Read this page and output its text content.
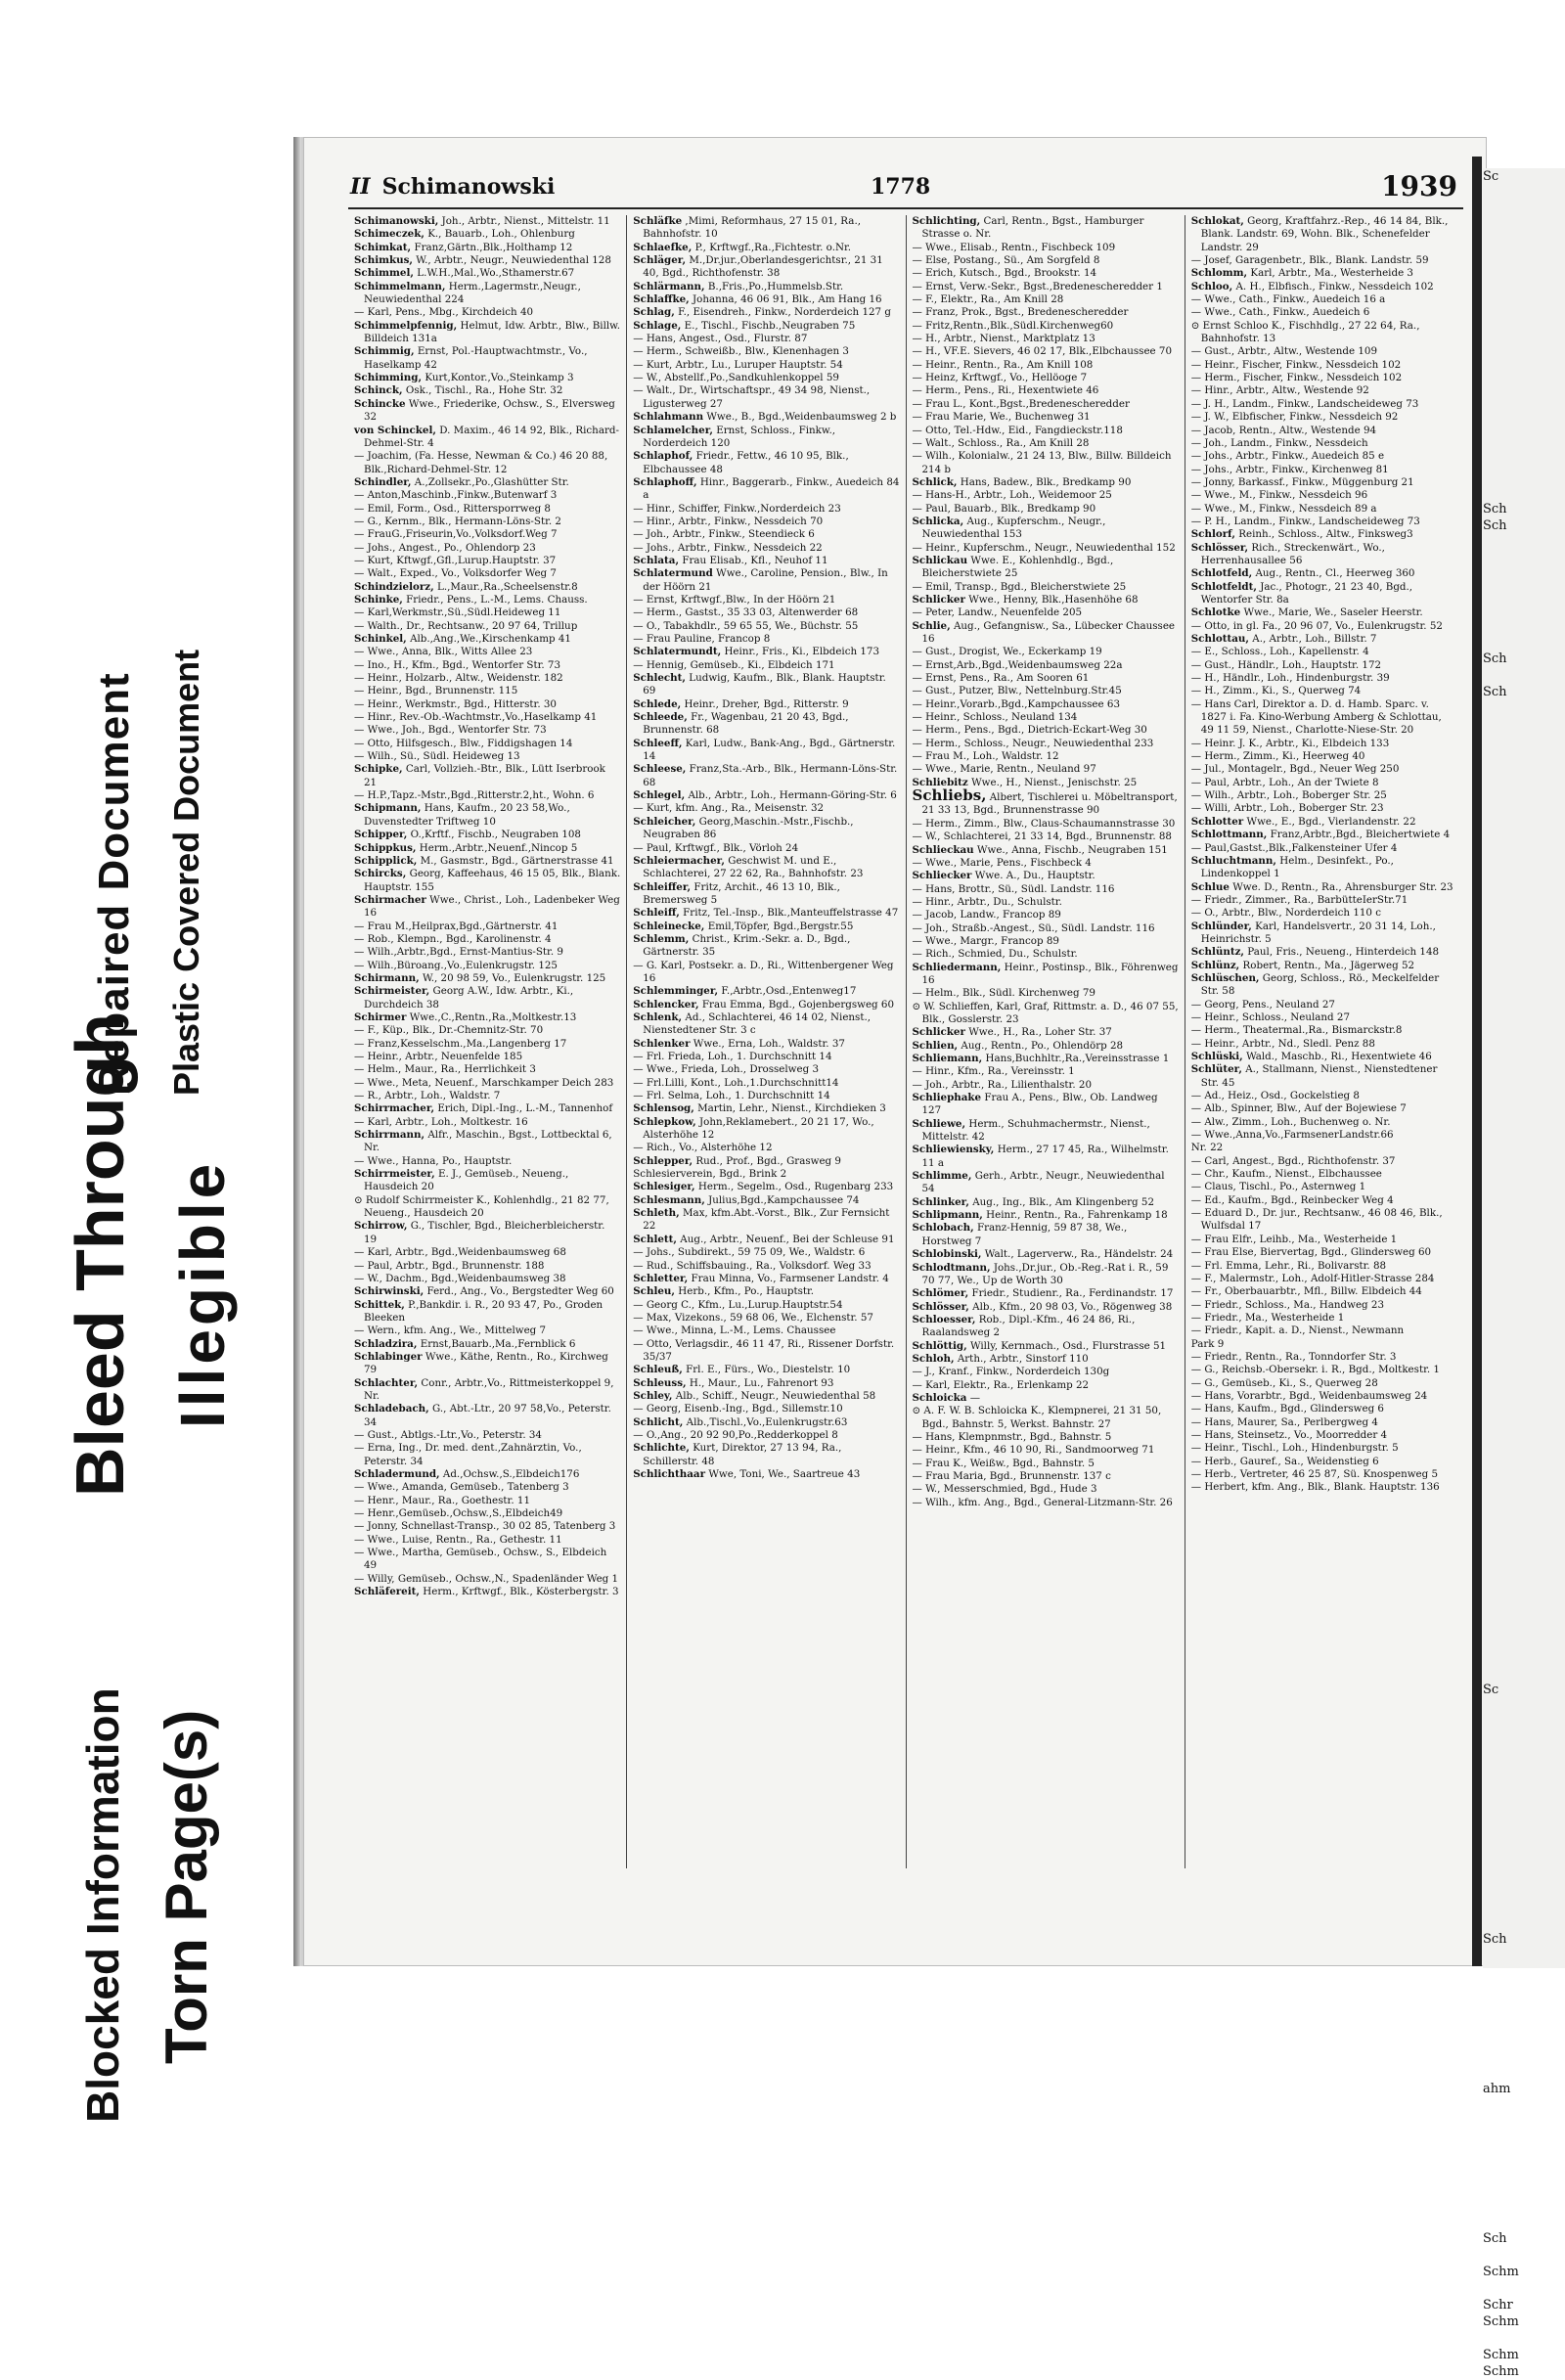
Repaired Document Plastic Covered Document
Bleed Through Illegible
Blocked Information Torn Page(s)
Sc

Sch
Sch

Sch

Sch

Sc

Sch

ahm

Sch

Schm

Schr
Schm

Schm
Schm
II Schimanowski	1778	1939
Schimanowski, Joh., Arbtr., Nienst., Mittelstr. 11
Schimeczek, K., Bauarb., Loh., Ohlenburg
Schimkat, Franz,Gärtn.,Blk.,Holthamp 12
Schimkus, W., Arbtr., Neugr., Neuwiedenthal 128
Schimmel, L.W.H.,Mal.,Wo.,Sthamerstr.67
Schimmelmann, Herm.,Lagermstr.,Neugr., Neuwiedenthal 224
— Karl, Pens., Mbg., Kirchdeich 40
Schimmelpfennig, Helmut, Idw. Arbtr., Blw., Billw. Billdeich 131a
Schimmig, Ernst, Pol.-Hauptwachtmstr., Vo., Haselkamp 42
Schimming, Kurt,Kontor.,Vo.,Steinkamp 3
Schinck, Osk., Tischl., Ra., Hohe Str. 32
Schincke Wwe., Friederike, Ochsw., S., Elversweg 32
von Schinckel, D. Maxim., 46 14 92, Blk., Richard-Dehmel-Str. 4
— Joachim, (Fa. Hesse, Newman & Co.) 46 20 88, Blk.,Richard-Dehmel-Str. 12
Schindler, A.,Zollsekr.,Po.,Glashütter Str.
— Anton,Maschinb.,Finkw.,Butenwarf 3
— Emil, Form., Osd., Rittersporrweg 8
— G., Kernm., Blk., Hermann-Löns-Str. 2
— FrauG.,Friseurin,Vo.,Volksdorf.Weg 7
— Johs., Angest., Po., Ohlendorp 23
— Kurt, Kftwgf.,Gfl.,Lurup.Hauptstr. 37
— Walt., Exped., Vo., Volksdorfer Weg 7
Schindzielorz, L.,Maur.,Ra.,Scheelsenstr.8
Schinke, Friedr., Pens., L.-M., Lems. Chauss.
— Karl,Werkmstr.,Sü.,Südl.Heideweg 11
— Walth., Dr., Rechtsanw., 20 97 64, Trillup
Schinkel, Alb.,Ang.,We.,Kirschenkamp 41
— Wwe., Anna, Blk., Witts Allee 23
— Ino., H., Kfm., Bgd., Wentorfer Str. 73
— Heinr., Holzarb., Altw., Weidenstr. 182
— Heinr., Bgd., Brunnenstr. 115
— Heinr., Werkmstr., Bgd., Hitterstr. 30
— Hinr., Rev.-Ob.-Wachtmstr.,Vo.,Haselkamp 41
— Wwe., Joh., Bgd., Wentorfer Str. 73
— Otto, Hilfsgesch., Blw., Fiddigshagen 14
— Wilh., Sü., Südl. Heideweg 13
Schipke, Carl, Vollzieh.-Btr., Blk., Lütt Iserbrook 21
— H.P.,Tapz.-Mstr.,Bgd.,Ritterstr.2,ht., Wohn. 6
Schipmann, Hans, Kaufm., 20 23 58,Wo., Duvenstedter Triftweg 10
Schipper, O.,Krftf., Fischb., Neugraben 108
Schippkus, Herm.,Arbtr.,Neuenf.,Nincop 5
Schipplick, M., Gasmstr., Bgd., Gärtnerstrasse 41
Schircks, Georg, Kaffeehaus, 46 15 05, Blk., Blank. Hauptstr. 155
Schirmacher Wwe., Christ., Loh., Ladenbeker Weg 16
— Frau M.,Heilprax,Bgd.,Gärtnerstr. 41
— Rob., Klempn., Bgd., Karolinenstr. 4
— Wilh.,Arbtr.,Bgd., Ernst-Mantius-Str. 9
— Wilh.,Büroang.,Vo.,Eulenkrugstr. 125
Schirmann, W., 20 98 59, Vo., Eulenkrugstr. 125
Schirmeister, Georg A.W., Idw. Arbtr., Ki., Durchdeich 38
Schirmer Wwe.,C.,Rentn.,Ra.,Moltkestr.13
— F., Küp., Blk., Dr.-Chemnitz-Str. 70
— Franz,Kesselschm.,Ma.,Langenberg 17
— Heinr., Arbtr., Neuenfelde 185
— Helm., Maur., Ra., Herrlichkeit 3
— Wwe., Meta, Neuenf., Marschkamper Deich 283
— R., Arbtr., Loh., Waldstr. 7
Schirrmacher, Erich, Dipl.-Ing., L.-M., Tannenhof
— Karl, Arbtr., Loh., Moltkestr. 16
Schirrmann, Alfr., Maschin., Bgst., Lottbecktal 6, Nr.
— Wwe., Hanna, Po., Hauptstr.
Schirrmeister, E. J., Gemüseb., Neueng., Hausdeich 20
⊙ Rudolf Schirrmeister K., Kohlenhdlg., 21 82 77, Neueng., Hausdeich 20
Schirrow, G., Tischler, Bgd., Bleicherbleicherstr. 19
— Karl, Arbtr., Bgd.,Weidenbaumsweg 68
— Paul, Arbtr., Bgd., Brunnenstr. 188
— W., Dachm., Bgd.,Weidenbaumsweg 38
Schirwinski, Ferd., Ang., Vo., Bergstedter Weg 60
Schittek, P.,Bankdir. i. R., 20 93 47, Po., Groden Bleeken
— Wern., kfm. Ang., We., Mittelweg 7
Schladzira, Ernst,Bauarb.,Ma.,Fernblick 6
Schlabinger Wwe., Käthe, Rentn., Ro., Kirchweg 79
Schlachter, Conr., Arbtr.,Vo., Rittmeisterkoppel 9, Nr.
Schladebach, G., Abt.-Ltr., 20 97 58,Vo., Peterstr. 34
— Gust., Abtlgs.-Ltr.,Vo., Peterstr. 34
— Erna, Ing., Dr. med. dent.,Zahnärztin, Vo., Peterstr. 34
Schladermund, Ad.,Ochsw.,S.,Elbdeich176
— Wwe., Amanda, Gemüseb., Tatenberg 3
— Henr., Maur., Ra., Goethestr. 11
— Henr.,Gemüseb.,Ochsw.,S.,Elbdeich49
— Jonny, Schnellast-Transp., 30 02 85, Tatenberg 3
— Wwe., Luise, Rentn., Ra., Gethestr. 11
— Wwe., Martha, Gemüseb., Ochsw., S., Elbdeich 49
— Willy, Gemüseb., Ochsw.,N., Spadenländer Weg 1
Schläfereit, Herm., Krftwgf., Blk., Kösterbergstr. 3
Schläfke ,Mimi, Reformhaus, 27 15 01, Ra., Bahnhofstr. 10
Schlaefke, P., Krftwgf.,Ra.,Fichtestr. o.Nr.
Schläger, M.,Dr.jur.,Oberlandesgerichtsr., 21 31 40, Bgd., Richthofenstr. 38
Schlärmann, B.,Fris.,Po.,Hummelsb.Str.
Schlaffke, Johanna, 46 06 91, Blk., Am Hang 16
Schlag, F., Eisendreh., Finkw., Norderdeich 127 g
Schlage, E., Tischl., Fischb.,Neugraben 75
— Hans, Angest., Osd., Flurstr. 87
— Herm., Schweißb., Blw., Klenenhagen 3
— Kurt, Arbtr., Lu., Luruper Hauptstr. 54
— W., Abstellf.,Po.,Sandkuhlenkoppel 59
— Walt., Dr., Wirtschaftspr., 49 34 98, Nienst., Ligusterweg 27
Schlahmann Wwe., B., Bgd.,Weidenbaumsweg 2 b
Schlamelcher, Ernst, Schloss., Finkw., Norderdeich 120
Schlaphof, Friedr., Fettw., 46 10 95, Blk., Elbchaussee 48
Schlaphoff, Hinr., Baggerarb., Finkw., Auedeich 84 a
— Hinr., Schiffer, Finkw.,Norderdeich 23
— Hinr., Arbtr., Finkw., Nessdeich 70
— Joh., Arbtr., Finkw., Steendieck 6
— Johs., Arbtr., Finkw., Nessdeich 22
Schlata, Frau Elisab., Kfl., Neuhof 11
Schlatermund Wwe., Caroline, Pension., Blw., In der Höörn 21
— Ernst, Krftwgf.,Blw., In der Höörn 21
— Herm., Gastst., 35 33 03, Altenwerder 68
— O., Tabakhdlr., 59 65 55, We., Büchstr. 55
— Frau Pauline, Francop 8
Schlatermundt, Heinr., Fris., Ki., Elbdeich 173
— Hennig, Gemüseb., Ki., Elbdeich 171
Schlecht, Ludwig, Kaufm., Blk., Blank. Hauptstr. 69
Schlede, Heinr., Dreher, Bgd., Ritterstr. 9
Schleede, Fr., Wagenbau, 21 20 43, Bgd., Brunnenstr. 68
Schleeff, Karl, Ludw., Bank-Ang., Bgd., Gärtnerstr. 14
Schleese, Franz,Sta.-Arb., Blk., Hermann-Löns-Str. 68
Schlegel, Alb., Arbtr., Loh., Hermann-Göring-Str. 6
— Kurt, kfm. Ang., Ra., Meisenstr. 32
Schleicher, Georg,Maschin.-Mstr.,Fischb., Neugraben 86
— Paul, Krftwgf., Blk., Vörloh 24
Schleiermacher, Geschwist M. und E., Schlachterei, 27 22 62, Ra., Bahnhofstr. 23
Schleiffer, Fritz, Archit., 46 13 10, Blk., Bremersweg 5
Schleiff, Fritz, Tel.-Insp., Blk.,Manteuffelstrasse 47
Schleinecke, Emil,Töpfer, Bgd.,Bergstr.55
Schlemm, Christ., Krim.-Sekr. a. D., Bgd., Gärtnerstr. 35
— G. Karl, Postsekr. a. D., Ri., Wittenbergener Weg 16
Schlemminger, F.,Arbtr.,Osd.,Entenweg17
Schlencker, Frau Emma, Bgd., Gojenbergsweg 60
Schlenk, Ad., Schlachterei, 46 14 02, Nienst., Nienstedtener Str. 3 c
Schlenker Wwe., Erna, Loh., Waldstr. 37
— Frl. Frieda, Loh., 1. Durchschnitt 14
— Wwe., Frieda, Loh., Drosselweg 3
— Frl.Lilli, Kont., Loh.,1.Durchschnitt14
— Frl. Selma, Loh., 1. Durchschnitt 14
Schlensog, Martin, Lehr., Nienst., Kirchdieken 3
Schlepkow, John,Reklamebert., 20 21 17, Wo., Alsterhöhe 12
— Rich., Vo., Alsterhöhe 12
Schlepper, Rud., Prof., Bgd., Grasweg 9
Schlesierverein, Bgd., Brink 2
Schlesiger, Herm., Segelm., Osd., Rugenbarg 233
Schlesmann, Julius,Bgd.,Kampchaussee 74
Schleth, Max, kfm.Abt.-Vorst., Blk., Zur Fernsicht 22
Schlett, Aug., Arbtr., Neuenf., Bei der Schleuse 91
— Johs., Subdirekt., 59 75 09, We., Waldstr. 6
— Rud., Schiffsbauing., Ra., Volksdorf. Weg 33
Schletter, Frau Minna, Vo., Farmsener Landstr. 4
Schleu, Herb., Kfm., Po., Hauptstr.
— Georg C., Kfm., Lu.,Lurup.Hauptstr.54
— Max, Vizekons., 59 68 06, We., Elchenstr. 57
— Wwe., Minna, L.-M., Lems. Chaussee
— Otto, Verlagsdir., 46 11 47, Ri., Rissener Dorfstr. 35/37
Schleuß, Frl. E., Fürs., Wo., Diestelstr. 10
Schleuss, H., Maur., Lu., Fahrenort 93
Schley, Alb., Schiff., Neugr., Neuwiedenthal 58
— Georg, Eisenb.-Ing., Bgd., Sillemstr.10
Schlicht, Alb.,Tischl.,Vo.,Eulenkrugstr.63
— O.,Ang., 20 92 90,Po.,Redderkoppel 8
Schlichte, Kurt, Direktor, 27 13 94, Ra., Schillerstr. 48
Schlichthaar Wwe, Toni, We., Saartreue 43
Schlichting, Carl, Rentn., Bgst., Hamburger Strasse o. Nr.
— Wwe., Elisab., Rentn., Fischbeck 109
— Else, Postang., Sü., Am Sorgfeld 8
— Erich, Kutsch., Bgd., Brookstr. 14
— Ernst, Verw.-Sekr., Bgst.,Bredenescheredder 1
— F., Elektr., Ra., Am Knill 28
— Franz, Prok., Bgst., Bredenescheredder
— Fritz,Rentn.,Blk.,Südl.Kirchenweg60
— H., Arbtr., Nienst., Marktplatz 13
— H., VF.E. Sievers, 46 02 17, Blk.,Elbchaussee 70
— Heinr., Rentn., Ra., Am Knill 108
— Heinz, Krftwgf., Vo., Hellöoge 7
— Herm., Pens., Ri., Hexentwiete 46
— Frau L., Kont.,Bgst.,Bredenescheredder
— Frau Marie, We., Buchenweg 31
— Otto, Tel.-Hdw., Eid., Fangdieckstr.118
— Walt., Schloss., Ra., Am Knill 28
— Wilh., Kolonialw., 21 24 13, Blw., Billw. Billdeich 214 b
Schlick, Hans, Badew., Blk., Bredkamp 90
— Hans-H., Arbtr., Loh., Weidemoor 25
— Paul, Bauarb., Blk., Bredkamp 90
Schlicka, Aug., Kupferschm., Neugr., Neuwiedenthal 153
— Heinr., Kupferschm., Neugr., Neuwiedenthal 152
Schlickau Wwe. E., Kohlenhdlg., Bgd., Bleicherstwiete 25
— Emil, Transp., Bgd., Bleicherstwiete 25
Schlicker Wwe., Henny, Blk.,Hasenhöhe 68
— Peter, Landw., Neuenfelde 205
Schlie, Aug., Gefangnisw., Sa., Lübecker Chaussee 16
— Gust., Drogist, We., Eckerkamp 19
— Ernst,Arb.,Bgd.,Weidenbaumsweg 22a
— Ernst, Pens., Ra., Am Sooren 61
— Gust., Putzer, Blw., Nettelnburg.Str.45
— Heinr.,Vorarb.,Bgd.,Kampchaussee 63
— Heinr., Schloss., Neuland 134
— Herm., Pens., Bgd., Dietrich-Eckart-Weg 30
— Herm., Schloss., Neugr., Neuwiedenthal 233
— Frau M., Loh., Waldstr. 12
— Wwe., Marie, Rentn., Neuland 97
Schliebitz Wwe., H., Nienst., Jenischstr. 25
Schliebs, Albert, Tischlerei u. Möbeltransport, 21 33 13, Bgd., Brunnenstrasse 90
— Herm., Zimm., Blw., Claus-Schaumannstrasse 30
— W., Schlachterei, 21 33 14, Bgd., Brunnenstr. 88
Schlieckau Wwe., Anna, Fischb., Neugraben 151
— Wwe., Marie, Pens., Fischbeck 4
Schliecker Wwe. A., Du., Hauptstr.
— Hans, Brottr., Sü., Südl. Landstr. 116
— Hinr., Arbtr., Du., Schulstr.
— Jacob, Landw., Francop 89
— Joh., Straßb.-Angest., Sü., Südl. Landstr. 116
— Wwe., Margr., Francop 89
— Rich., Schmied, Du., Schulstr.
Schliedermann, Heinr., Postinsp., Blk., Föhrenweg 16
— Helm., Blk., Südl. Kirchenweg 79
⊙ W. Schlieffen, Karl, Graf, Rittmstr. a. D., 46 07 55, Blk., Gosslerstr. 23
Schlicker Wwe., H., Ra., Loher Str. 37
Schlien, Aug., Rentn., Po., Ohlendörp 28
Schliemann, Hans,Buchhltr.,Ra.,Vereinsstrasse 1
— Hinr., Kfm., Ra., Vereinsstr. 1
— Joh., Arbtr., Ra., Lilienthalstr. 20
Schliephake Frau A., Pens., Blw., Ob. Landweg 127
Schliewe, Herm., Schuhmachermstr., Nienst., Mittelstr. 42
Schliewiensky, Herm., 27 17 45, Ra., Wilhelmstr. 11 a
Schlimme, Gerh., Arbtr., Neugr., Neuwiedenthal 54
Schlinker, Aug., Ing., Blk., Am Klingenberg 52
Schlipmann, Heinr., Rentn., Ra., Fahrenkamp 18
Schlobach, Franz-Hennig, 59 87 38, We., Horstweg 7
Schlobinski, Walt., Lagerverw., Ra., Händelstr. 24
Schlodtmann, Johs.,Dr.jur., Ob.-Reg.-Rat i. R., 59 70 77, We., Up de Worth 30
Schlömer, Friedr., Studienr., Ra., Ferdinandstr. 17
Schlösser, Alb., Kfm., 20 98 03, Vo., Rögenweg 38
Schloesser, Rob., Dipl.-Kfm., 46 24 86, Ri., Raalandsweg 2
Schlöttig, Willy, Kernmach., Osd., Flurstrasse 51
Schloh, Arth., Arbtr., Sinstorf 110
— J., Kranf., Finkw., Norderdeich 130g
— Karl, Elektr., Ra., Erlenkamp 22
Schloicka —
⊙ A. F. W. B. Schloicka K., Klempnerei, 21 31 50, Bgd., Bahnstr. 5, Werkst. Bahnstr. 27
— Hans, Klempnmstr., Bgd., Bahnstr. 5
— Heinr., Kfm., 46 10 90, Ri., Sandmoorweg 71
— Frau K., Weißw., Bgd., Bahnstr. 5
— Frau Maria, Bgd., Brunnenstr. 137 c
— W., Messerschmied, Bgd., Hude 3
— Wilh., kfm. Ang., Bgd., General-Litzmann-Str. 26
Schlokat, Georg, Kraftfahrz.-Rep., 46 14 84, Blk., Blank. Landstr. 69, Wohn. Blk., Schenefelder Landstr. 29
— Josef, Garagenbetr., Blk., Blank. Landstr. 59
Schlomm, Karl, Arbtr., Ma., Westerheide 3
Schloo, A. H., Elbfisch., Finkw., Nessdeich 102
— Wwe., Cath., Finkw., Auedeich 16 a
— Wwe., Cath., Finkw., Auedeich 6
⊙ Ernst Schloo K., Fischhdlg., 27 22 64, Ra., Bahnhofstr. 13
— Gust., Arbtr., Altw., Westende 109
— Heinr., Fischer, Finkw., Nessdeich 102
— Herm., Fischer, Finkw., Nessdeich 102
— Hinr., Arbtr., Altw., Westende 92
— J. H., Landm., Finkw., Landscheideweg 73
— J. W., Elbfischer, Finkw., Nessdeich 92
— Jacob, Rentn., Altw., Westende 94
— Joh., Landm., Finkw., Nessdeich
— Johs., Arbtr., Finkw., Auedeich 85 e
— Johs., Arbtr., Finkw., Kirchenweg 81
— Jonny, Barkassf., Finkw., Müggenburg 21
— Wwe., M., Finkw., Nessdeich 96
— Wwe., M., Finkw., Nessdeich 89 a
— P. H., Landm., Finkw., Landscheideweg 73
Schlorf, Reinh., Schloss., Altw., Finksweg3
Schlösser, Rich., Streckenwärt., Wo., Herrenhausallee 56
Schlotfeld, Aug., Rentn., Cl., Heerweg 360
Schlotfeldt, Jac., Photogr., 21 23 40, Bgd., Wentorfer Str. 8a
Schlotke Wwe., Marie, We., Saseler Heerstr.
— Otto, in gl. Fa., 20 96 07, Vo., Eulenkrugstr. 52
Schlottau, A., Arbtr., Loh., Billstr. 7
— E., Schloss., Loh., Kapellenstr. 4
— Gust., Händlr., Loh., Hauptstr. 172
— H., Händlr., Loh., Hindenburgstr. 39
— H., Zimm., Ki., S., Querweg 74
— Hans Carl, Direktor a. D. d. Hamb. Sparc. v. 1827 i. Fa. Kino-Werbung Amberg & Schlottau, 49 11 59, Nienst., Charlotte-Niese-Str. 20
— Heinr. J. K., Arbtr., Ki., Elbdeich 133
— Herm., Zimm., Ki., Heerweg 40
— Jul., Montagelr., Bgd., Neuer Weg 250
— Paul, Arbtr., Loh., An der Twiete 8
— Wilh., Arbtr., Loh., Boberger Str. 25
— Willi, Arbtr., Loh., Boberger Str. 23
Schlotter Wwe., E., Bgd., Vierlandenstr. 22
Schlottmann, Franz,Arbtr.,Bgd., Bleichertwiete 4
— Paul,Gastst.,Blk.,Falkensteiner Ufer 4
Schluchtmann, Helm., Desinfekt., Po., Lindenkoppel 1
Schlue Wwe. D., Rentn., Ra., Ahrensburger Str. 23
— Friedr., Zimmer., Ra., BarbütteIerStr.71
— O., Arbtr., Blw., Norderdeich 110 c
Schlünder, Karl, Handelsvertr., 20 31 14, Loh., Heinrichstr. 5
Schlüntz, Paul, Fris., Neueng., Hinterdeich 148
Schlünz, Robert, Rentn., Ma., Jägerweg 52
Schlüschen, Georg, Schloss., Rö., Meckelfelder Str. 58
— Georg, Pens., Neuland 27
— Heinr., Schloss., Neuland 27
— Herm., Theatermal.,Ra., Bismarckstr.8
— Heinr., Arbtr., Nd., Sledl. Penz 88
Schlüski, Wald., Maschb., Ri., Hexentwiete 46
Schlüter, A., Stallmann, Nienst., Nienstedtener Str. 45
— Ad., Heiz., Osd., Gockelstieg 8
— Alb., Spinner, Blw., Auf der Bojewiese 7
— Alw., Zimm., Loh., Buchenweg o. Nr.
— Wwe.,Anna,Vo.,FarmsenerLandstr.66
Nr. 22
— Carl, Angest., Bgd., Richthofenstr. 37
— Chr., Kaufm., Nienst., Elbchaussee
— Claus, Tischl., Po., Asternweg 1
— Ed., Kaufm., Bgd., Reinbecker Weg 4
— Eduard D., Dr. jur., Rechtsanw., 46 08 46, Blk., Wulfsdal 17
— Frau Elfr., Leihb., Ma., Westerheide 1
— Frau Else, Biervertag, Bgd., Glindersweg 60
— Frl. Emma, Lehr., Ri., Bolivarstr. 88
— F., Malermstr., Loh., Adolf-Hitler-Strasse 284
— Fr., Oberbauarbtr., Mfl., Billw. Elbdeich 44
— Friedr., Schloss., Ma., Handweg 23
— Friedr., Ma., Westerheide 1
— Friedr., Kapit. a. D., Nienst., Newmann
Park 9
— Friedr., Rentn., Ra., Tonndorfer Str. 3
— G., Reichsb.-Obersekr. i. R., Bgd., Moltkestr. 1
— G., Gemüseb., Ki., S., Querweg 28
— Hans, Vorarbtr., Bgd., Weidenbaumsweg 24
— Hans, Kaufm., Bgd., Glindersweg 6
— Hans, Maurer, Sa., Perlbergweg 4
— Hans, Steinsetz., Vo., Moorredder 4
— Heinr., Tischl., Loh., Hindenburgstr. 5
— Herb., Gauref., Sa., Weidenstieg 6
— Herb., Vertreter, 46 25 87, Sü. Knospenweg 5
— Herbert, kfm. Ang., Blk., Blank. Hauptstr. 136
